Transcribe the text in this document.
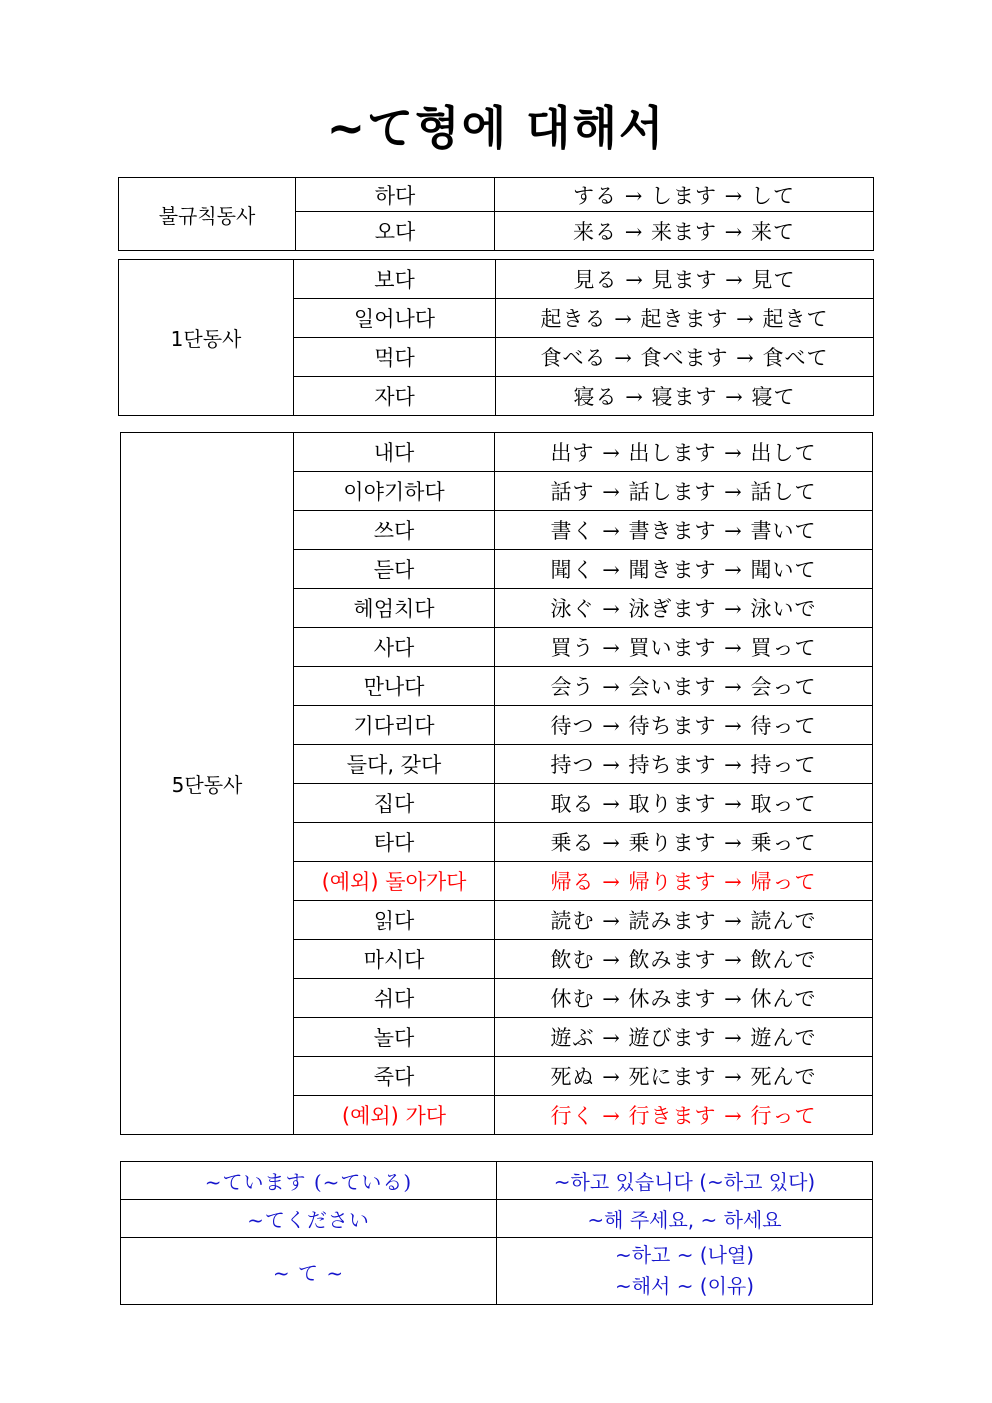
~て형에 대해서
불규칙동사	하다	する → します → して
	오다	来る → 来ます → 来て
1단동사	보다	見る → 見ます → 見て
	일어나다	起きる → 起きます → 起きて
	먹다	食べる → 食べます → 食べて
	자다	寝る → 寝ます → 寝て
5단동사	내다	出す → 出します → 出して
	이야기하다	話す → 話します → 話して
	쓰다	書く → 書きます → 書いて
	듣다	聞く → 聞きます → 聞いて
	헤엄치다	泳ぐ → 泳ぎます → 泳いで
	사다	買う → 買います → 買って
	만나다	会う → 会います → 会って
	기다리다	待つ → 待ちます → 待って
	들다, 갖다	持つ → 持ちます → 持って
	집다	取る → 取ります → 取って
	타다	乗る → 乗ります → 乗って
	(예외) 돌아가다	帰る → 帰ります → 帰って
	읽다	読む → 読みます → 読んで
	마시다	飲む → 飲みます → 飲んで
	쉬다	休む → 休みます → 休んで
	놀다	遊ぶ → 遊びます → 遊んで
	죽다	死ぬ → 死にます → 死んで
	(예외) 가다	行く → 行きます → 行って
~ています (~ている)	~하고 있습니다 (~하고 있다)
~てください	~해 주세요, ~ 하세요
~ て ~	~하고 ~ (나열)
~해서 ~ (이유)
